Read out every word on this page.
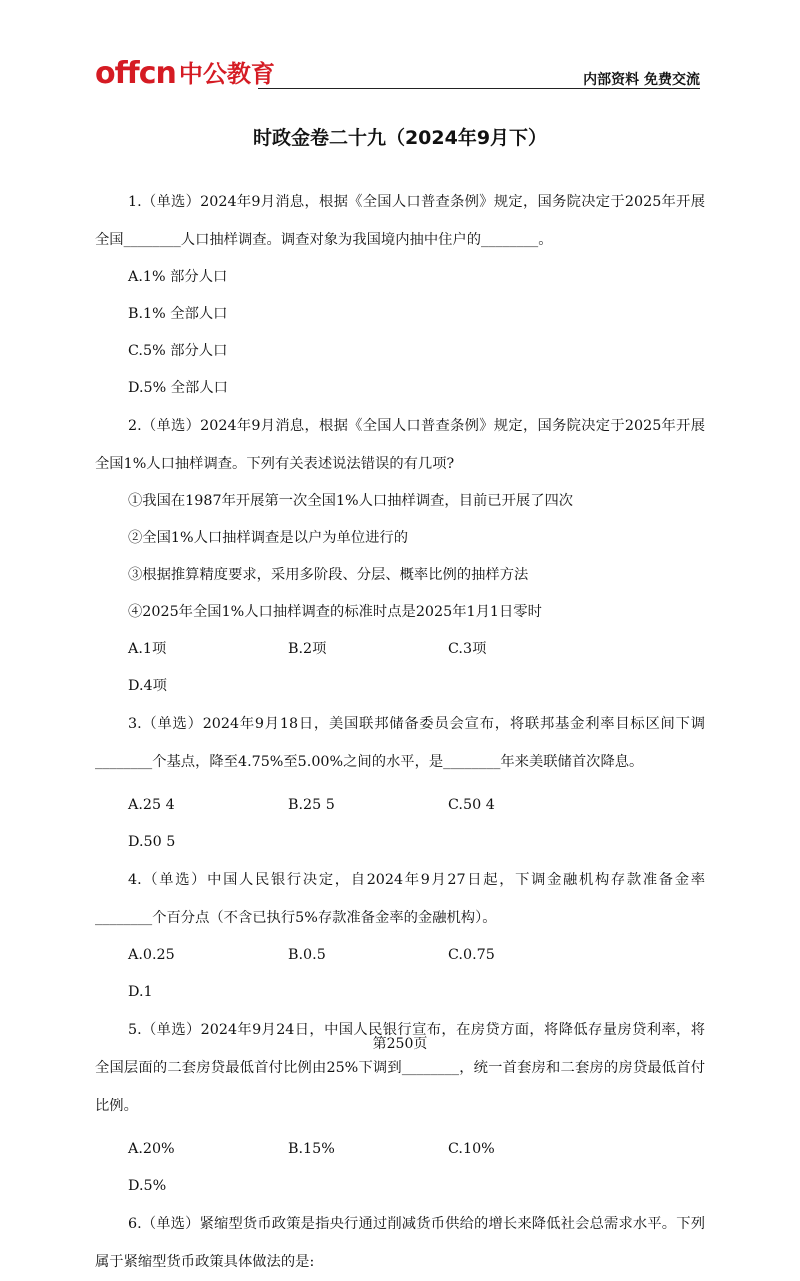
offcn 中公教育	内部资料 免费交流
时政金卷二十九（2024年9月下）

1.（单选）2024年9月消息，根据《全国人口普查条例》规定，国务院决定于2025年开展全国________人口抽样调查。调查对象为我国境内抽中住户的________。

A.1% 部分人口
B.1% 全部人口
C.5% 部分人口
D.5% 全部人口

2.（单选）2024年9月消息，根据《全国人口普查条例》规定，国务院决定于2025年开展全国1%人口抽样调查。下列有关表述说法错误的有几项?

①我国在1987年开展第一次全国1%人口抽样调查，目前已开展了四次

②全国1%人口抽样调查是以户为单位进行的

③根据推算精度要求，采用多阶段、分层、概率比例的抽样方法

④2025年全国1%人口抽样调查的标准时点是2025年1月1日零时

A.1项	B.2项	C.3项
D.4项

3.（单选）2024年9月18日，美国联邦储备委员会宣布，将联邦基金利率目标区间下调________个基点，降至4.75%至5.00%之间的水平，是________年来美联储首次降息。

A.25 4	B.25 5	C.50 4
D.50 5

4.（单选）中国人民银行决定，自2024年9月27日起，下调金融机构存款准备金率________个百分点（不含已执行5%存款准备金率的金融机构）。

A.0.25	B.0.5	C.0.75
D.1

5.（单选）2024年9月24日，中国人民银行宣布，在房贷方面，将降低存量房贷利率，将全国层面的二套房贷最低首付比例由25%下调到________，统一首套房和二套房的房贷最低首付比例。

A.20%	B.15%	C.10%
D.5%

6.（单选）紧缩型货币政策是指央行通过削减货币供给的增长来降低社会总需求水平。下列属于紧缩型货币政策具体做法的是:

第250页
